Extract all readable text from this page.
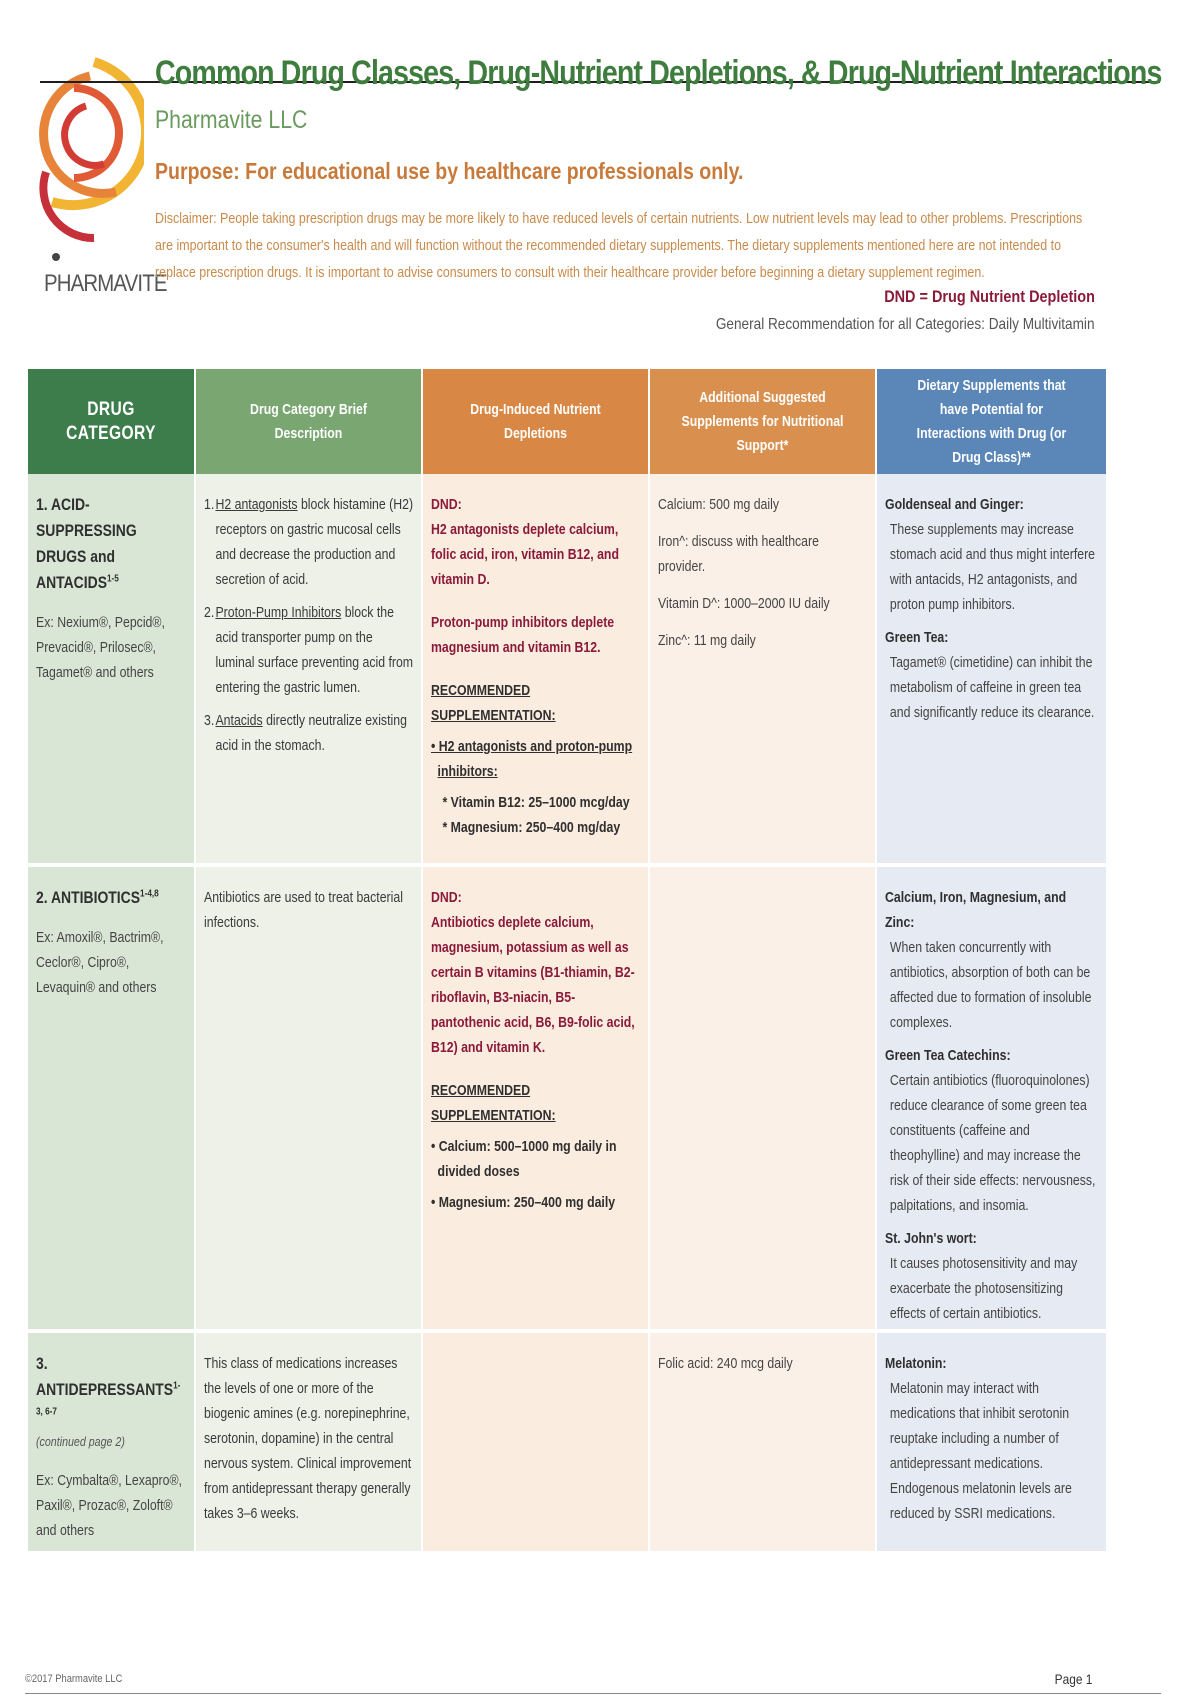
PHARMAVITE
Common Drug Classes, Drug-Nutrient Depletions, & Drug-Nutrient Interactions
Pharmavite LLC
Purpose: For educational use by healthcare professionals only.
Disclaimer: People taking prescription drugs may be more likely to have reduced levels of certain nutrients. Low nutrient levels may lead to other problems. Prescriptions are important to the consumer's health and will function without the recommended dietary supplements. The dietary supplements mentioned here are not intended to replace prescription drugs. It is important to advise consumers to consult with their healthcare provider before beginning a dietary supplement regimen.
DND = Drug Nutrient Depletion
General Recommendation for all Categories: Daily Multivitamin
DRUG CATEGORY
Drug Category Brief Description
Drug-Induced Nutrient Depletions
Additional Suggested Supplements for Nutritional Support*
Dietary Supplements that have Potential for Interactions with Drug (or Drug Class)**
1. ACID-SUPPRESSING DRUGS and ANTACIDS$^{1-5}$
Ex: Nexium®, Pepcid®, Prevacid®, Prilosec®, Tagamet® and others
1. H2 antagonists block histamine (H2) receptors on gastric mucosal cells and decrease the production and secretion of acid.
2. Proton-Pump Inhibitors block the acid transporter pump on the luminal surface preventing acid from entering the gastric lumen.
3. Antacids directly neutralize existing acid in the stomach.
DND:
H2 antagonists deplete calcium, folic acid, iron, vitamin B12, and vitamin D.
Proton-pump inhibitors deplete magnesium and vitamin B12.
RECOMMENDED SUPPLEMENTATION:
• H2 antagonists and proton-pump inhibitors:
* Vitamin B12: 25–1000 mcg/day
* Magnesium: 250–400 mg/day
Calcium: 500 mg daily
Iron^: discuss with healthcare provider.
Vitamin D^: 1000–2000 IU daily
Zinc^: 11 mg daily
Goldenseal and Ginger:
These supplements may increase stomach acid and thus might interfere with antacids, H2 antagonists, and proton pump inhibitors.
Green Tea:
Tagamet® (cimetidine) can inhibit the metabolism of caffeine in green tea and significantly reduce its clearance.
2. ANTIBIOTICS$^{1-4,8}$
Ex: Amoxil®, Bactrim®, Ceclor®, Cipro®, Levaquin® and others
Antibiotics are used to treat bacterial infections.
DND:
Antibiotics deplete calcium, magnesium, potassium as well as certain B vitamins (B1-thiamin, B2-riboflavin, B3-niacin, B5-pantothenic acid, B6, B9-folic acid, B12) and vitamin K.
RECOMMENDED SUPPLEMENTATION:
• Calcium: 500–1000 mg daily in divided doses
• Magnesium: 250–400 mg daily
Calcium, Iron, Magnesium, and Zinc:
When taken concurrently with antibiotics, absorption of both can be affected due to formation of insoluble complexes.
Green Tea Catechins:
Certain antibiotics (fluoroquinolones) reduce clearance of some green tea constituents (caffeine and theophylline) and may increase the risk of their side effects: nervousness, palpitations, and insomia.
St. John's wort:
It causes photosensitivity and may exacerbate the photosensitizing effects of certain antibiotics.
3. ANTIDEPRESSANTS$^{1-3, 6-7}$
(continued page 2)
Ex: Cymbalta®, Lexapro®, Paxil®, Prozac®, Zoloft® and others
This class of medications increases the levels of one or more of the biogenic amines (e.g. norepinephrine, serotonin, dopamine) in the central nervous system. Clinical improvement from antidepressant therapy generally takes 3–6 weeks.
Folic acid: 240 mcg daily	Melatonin:
Melatonin may interact with medications that inhibit serotonin reuptake including a number of antidepressant medications. Endogenous melatonin levels are reduced by SSRI medications.
©2017 Pharmavite LLC	Page 1
